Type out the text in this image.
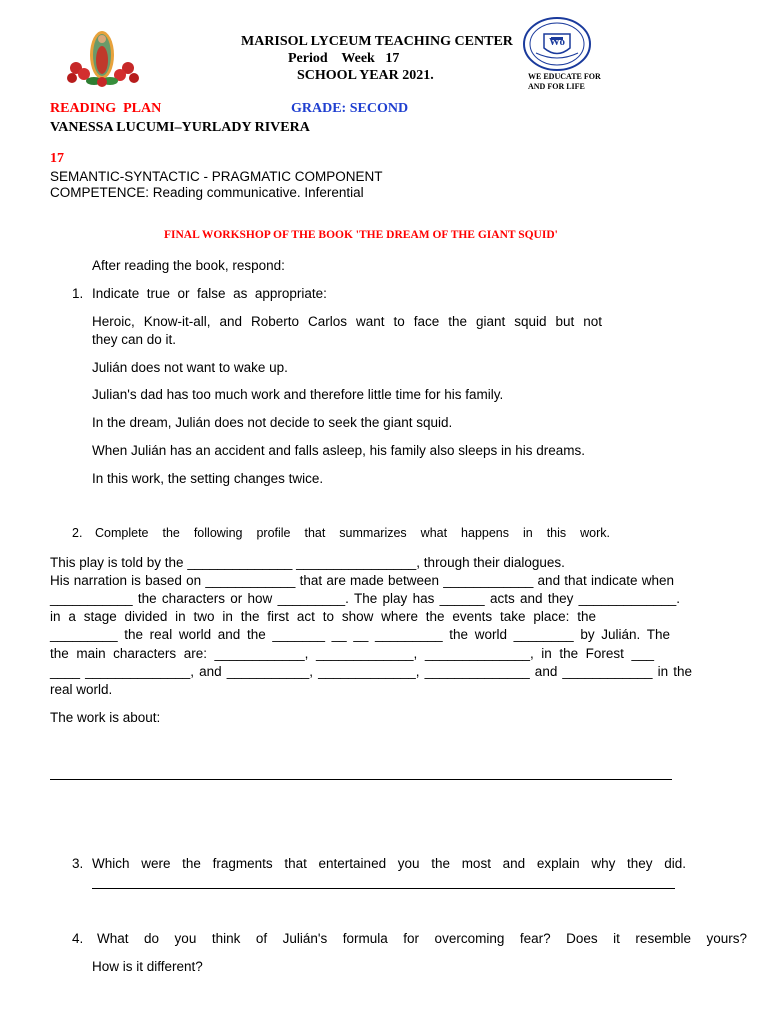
Wo
MARISOL LYCEUM TEACHING CENTER
Period    Week   17
SCHOOL YEAR 2021.	WE EDUCATE FOR
AND FOR LIFE
READING  PLAN	GRADE: SECOND
VANESSA LUCUMI–YURLADY RIVERA
17
SEMANTIC-SYNTACTIC - PRAGMATIC COMPONENT
COMPETENCE: Reading communicative. Inferential
FINAL WORKSHOP OF THE BOOK 'THE DREAM OF THE GIANT SQUID'
After reading the book, respond:
1. Indicate  true  or  false  as  appropriate:
Heroic, Know-it-all, and Roberto Carlos want to face the giant squid but not
they can do it.
Julián does not want to wake up.
Julian's dad has too much work and therefore little time for his family.
In the dream, Julián does not decide to seek the giant squid.
When Julián has an accident and falls asleep, his family also sleeps in his dreams.
In this work, the setting changes twice.
2. Complete the following profile that summarizes what happens in this work.
This play is told by the ______________ ________________, through their dialogues.
His narration is based on ____________ that are made between ____________ and that indicate when
___________ the characters or how _________. The play has ______ acts and they _____________.
in a stage divided in two in the first act to show where the events take place: the
_________ the real world and the _______ __ __ _________ the world ________ by Julián. The
the main characters are: ____________, _____________, ______________, in the Forest ___
____ ______________, and ___________, _____________, ______________ and ____________ in the
real world.
The work is about:
3. Which were the fragments that entertained you the most and explain why they did.
4. What do you think of Julián's formula for overcoming fear? Does it resemble yours?
How is it different?
